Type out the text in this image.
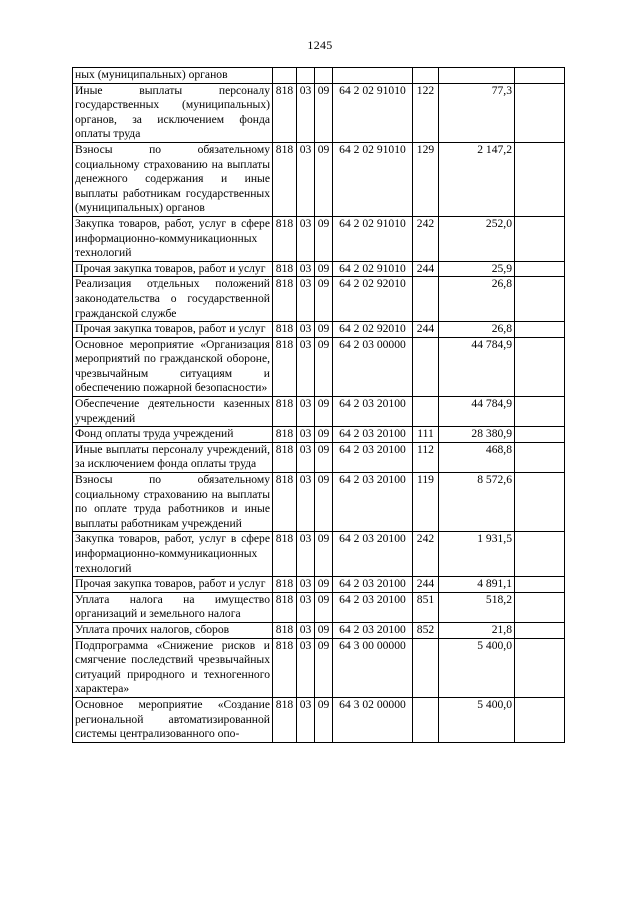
1245
ных (муниципальных) органов							
Иные выплаты персоналу государственных (муниципальных) органов, за исключением фонда оплаты труда	818	03	09	64 2 02 91010	122	77,3	
Взносы по обязательному социальному страхованию на выплаты денежного содержания и иные выплаты работникам государственных (муниципальных) органов	818	03	09	64 2 02 91010	129	2 147,2	
Закупка товаров, работ, услуг в сфере информационно-коммуникационных технологий	818	03	09	64 2 02 91010	242	252,0	
Прочая закупка товаров, работ и услуг	818	03	09	64 2 02 91010	244	25,9	
Реализация отдельных положений законодательства о государственной гражданской службе	818	03	09	64 2 02 92010		26,8	
Прочая закупка товаров, работ и услуг	818	03	09	64 2 02 92010	244	26,8	
Основное мероприятие «Организация мероприятий по гражданской обороне, чрезвычайным ситуациям и обеспечению пожарной безопасности»	818	03	09	64 2 03 00000		44 784,9	
Обеспечение деятельности казенных учреждений	818	03	09	64 2 03 20100		44 784,9	
Фонд оплаты труда учреждений	818	03	09	64 2 03 20100	111	28 380,9	
Иные выплаты персоналу учреждений, за исключением фонда оплаты труда	818	03	09	64 2 03 20100	112	468,8	
Взносы по обязательному социальному страхованию на выплаты по оплате труда работников и иные выплаты работникам учреждений	818	03	09	64 2 03 20100	119	8 572,6	
Закупка товаров, работ, услуг в сфере информационно-коммуникационных технологий	818	03	09	64 2 03 20100	242	1 931,5	
Прочая закупка товаров, работ и услуг	818	03	09	64 2 03 20100	244	4 891,1	
Уплата налога на имущество организаций и земельного налога	818	03	09	64 2 03 20100	851	518,2	
Уплата прочих налогов, сборов	818	03	09	64 2 03 20100	852	21,8	
Подпрограмма «Снижение рисков и смягчение последствий чрезвычайных ситуаций природного и техногенного характера»	818	03	09	64 3 00 00000		5 400,0	
Основное мероприятие «Создание региональной автоматизированной системы централизованного опо-	818	03	09	64 3 02 00000		5 400,0	
